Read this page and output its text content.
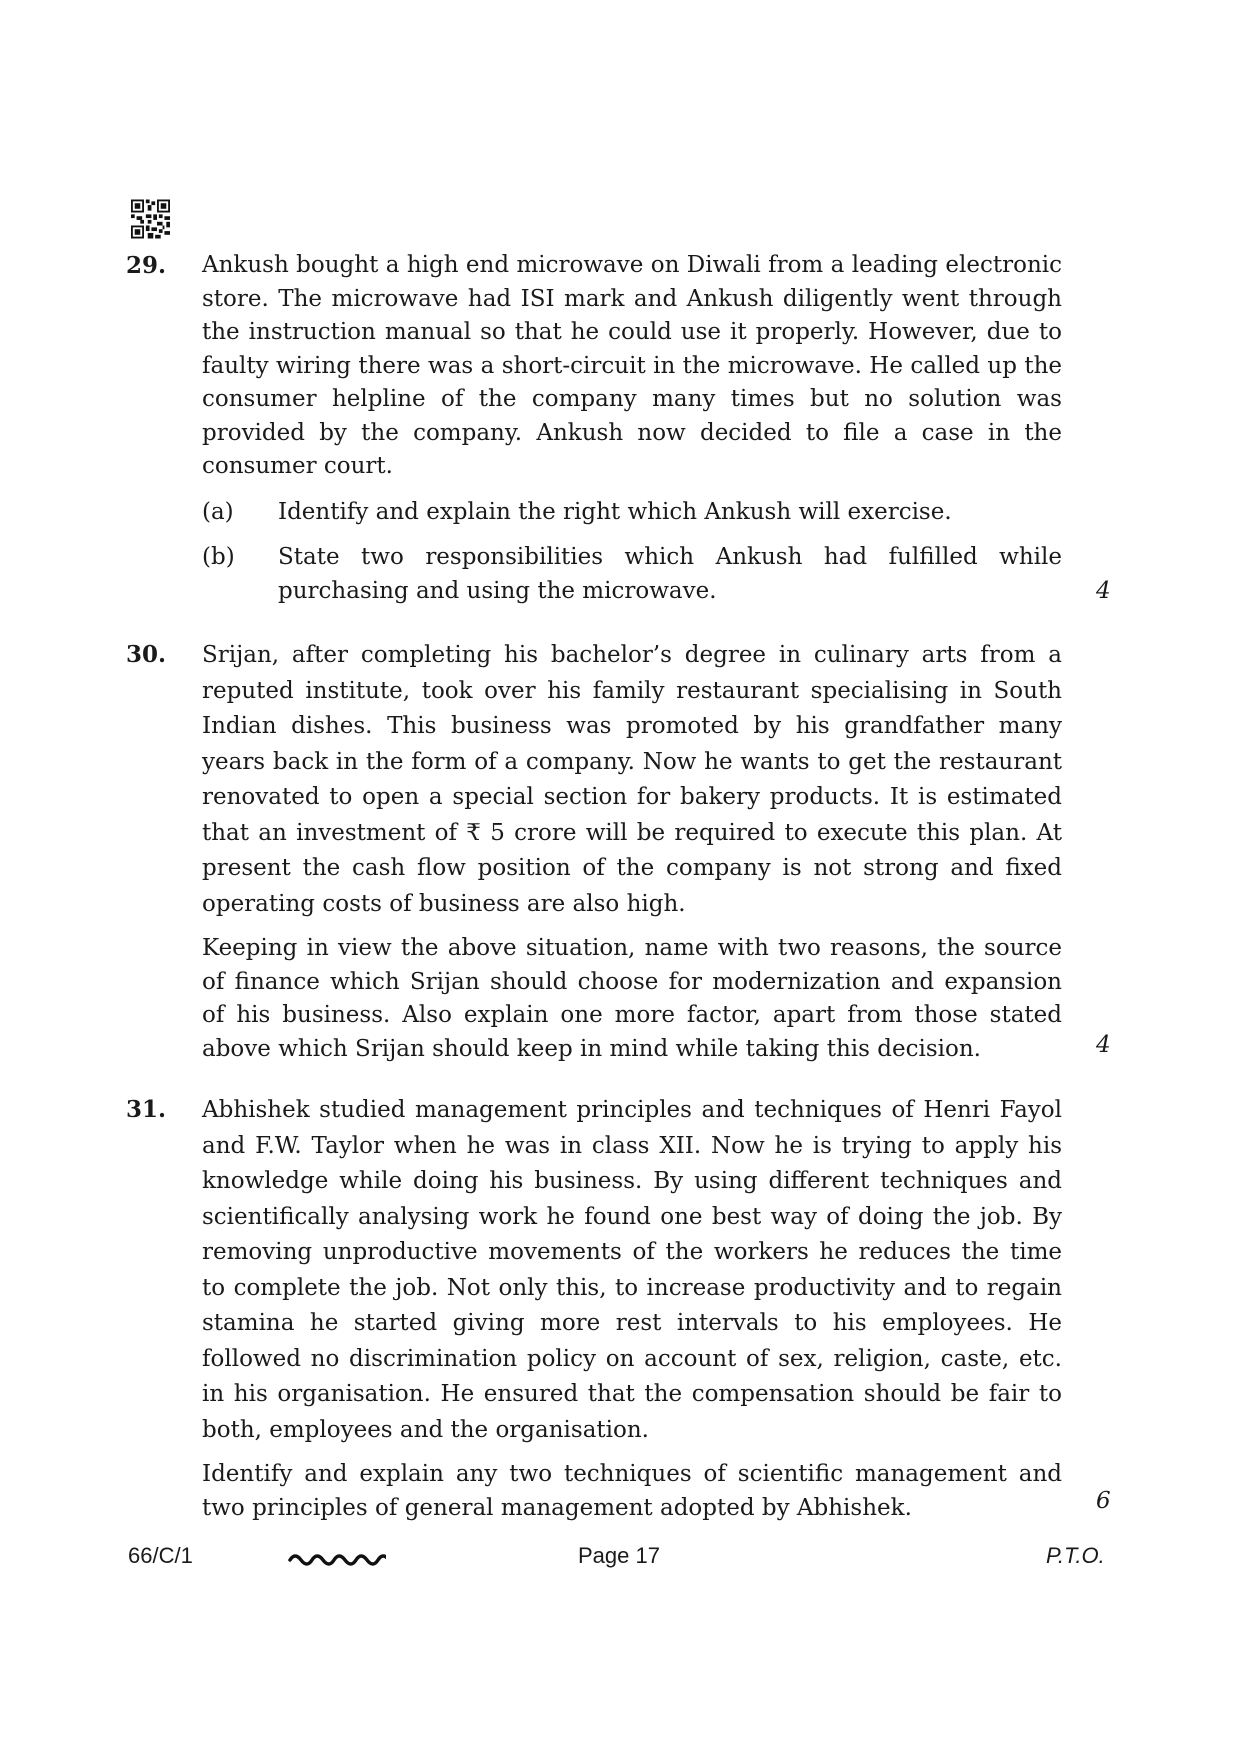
29. Ankush bought a high end microwave on Diwali from a leading electronic store. The microwave had ISI mark and Ankush diligently went through the instruction manual so that he could use it properly. However, due to faulty wiring there was a short-circuit in the microwave. He called up the consumer helpline of the company many times but no solution was provided by the company. Ankush now decided to file a case in the consumer court.

(a) Identify and explain the right which Ankush will exercise.
(b) State two responsibilities which Ankush had fulfilled while purchasing and using the microwave.	4
30. Srijan, after completing his bachelor’s degree in culinary arts from a reputed institute, took over his family restaurant specialising in South Indian dishes. This business was promoted by his grandfather many years back in the form of a company. Now he wants to get the restaurant renovated to open a special section for bakery products. It is estimated that an investment of ₹ 5 crore will be required to execute this plan. At present the cash flow position of the company is not strong and fixed operating costs of business are also high.

Keeping in view the above situation, name with two reasons, the source of finance which Srijan should choose for modernization and expansion of his business. Also explain one more factor, apart from those stated above which Srijan should keep in mind while taking this decision.	4
31. Abhishek studied management principles and techniques of Henri Fayol and F.W. Taylor when he was in class XII. Now he is trying to apply his knowledge while doing his business. By using different techniques and scientifically analysing work he found one best way of doing the job. By removing unproductive movements of the workers he reduces the time to complete the job. Not only this, to increase productivity and to regain stamina he started giving more rest intervals to his employees. He followed no discrimination policy on account of sex, religion, caste, etc. in his organisation. He ensured that the compensation should be fair to both, employees and the organisation.

Identify and explain any two techniques of scientific management and two principles of general management adopted by Abhishek.	6
66/C/1	Page 17	P.T.O.
